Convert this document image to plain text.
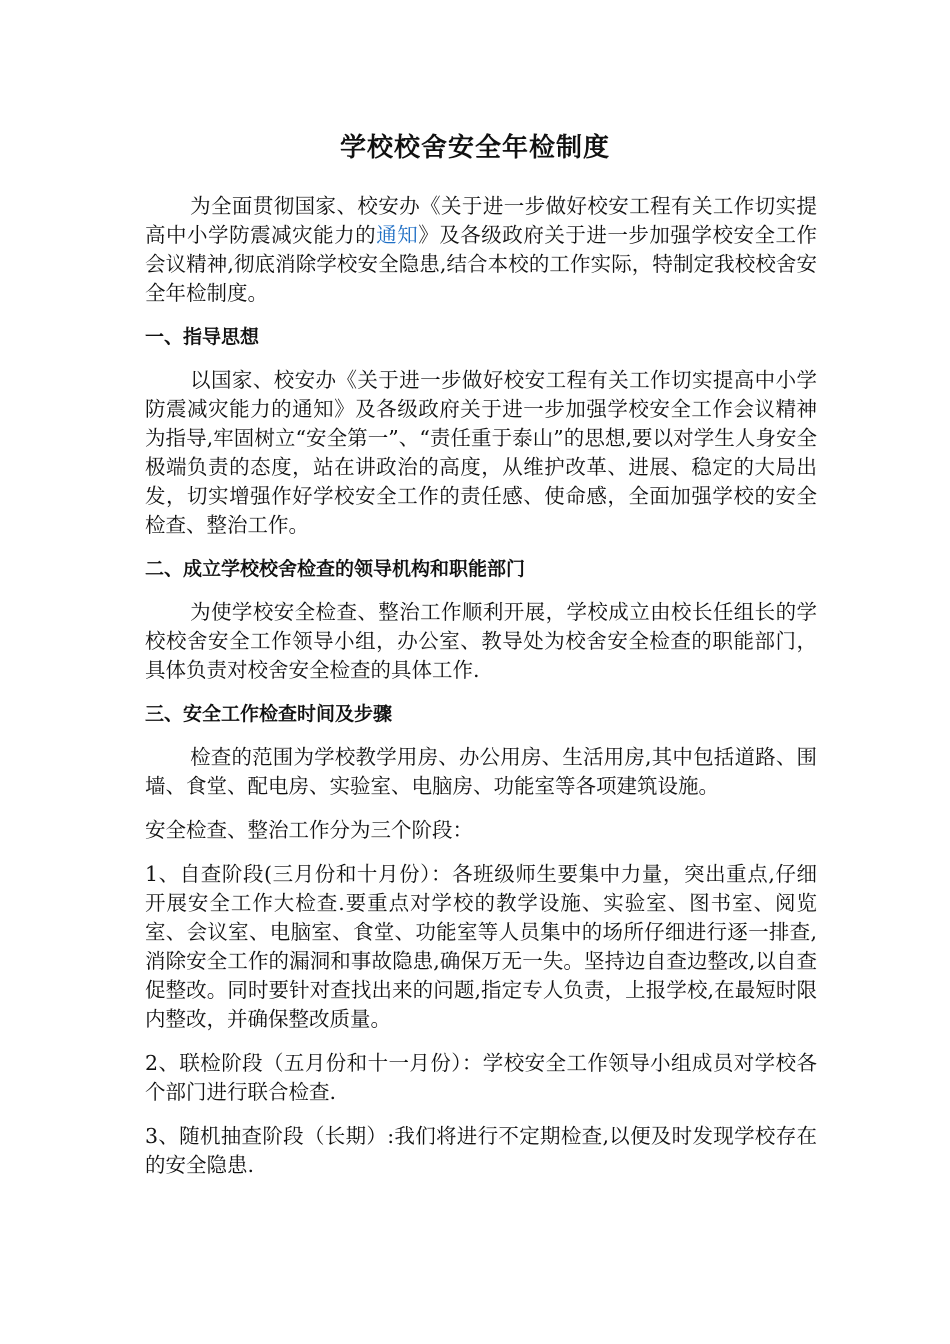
学校校舍安全年检制度

为全面贯彻国家、校安办《关于进一步做好校安工程有关工作切实提高中小学防震减灾能力的通知》及各级政府关于进一步加强学校安全工作会议精神,彻底消除学校安全隐患,结合本校的工作实际，特制定我校校舍安全年检制度。

一、指导思想

以国家、校安办《关于进一步做好校安工程有关工作切实提高中小学防震减灾能力的通知》及各级政府关于进一步加强学校安全工作会议精神为指导,牢固树立“安全第一”、“责任重于泰山”的思想,要以对学生人身安全极端负责的态度，站在讲政治的高度，从维护改革、进展、稳定的大局出发，切实增强作好学校安全工作的责任感、使命感，全面加强学校的安全检查、整治工作。

二、成立学校校舍检查的领导机构和职能部门

为使学校安全检查、整治工作顺利开展，学校成立由校长任组长的学校校舍安全工作领导小组，办公室、教导处为校舍安全检查的职能部门，具体负责对校舍安全检查的具体工作.

三、安全工作检查时间及步骤

检查的范围为学校教学用房、办公用房、生活用房,其中包括道路、围墙、食堂、配电房、实验室、电脑房、功能室等各项建筑设施。

安全检查、整治工作分为三个阶段：

1、自查阶段(三月份和十月份）：各班级师生要集中力量，突出重点,仔细开展安全工作大检查.要重点对学校的教学设施、实验室、图书室、阅览室、会议室、电脑室、食堂、功能室等人员集中的场所仔细进行逐一排查,消除安全工作的漏洞和事故隐患,确保万无一失。坚持边自查边整改,以自查促整改。同时要针对查找出来的问题,指定专人负责，上报学校,在最短时限内整改，并确保整改质量。

2、联检阶段（五月份和十一月份）：学校安全工作领导小组成员对学校各个部门进行联合检查.

3、随机抽查阶段（长期）:我们将进行不定期检查,以便及时发现学校存在的安全隐患.
